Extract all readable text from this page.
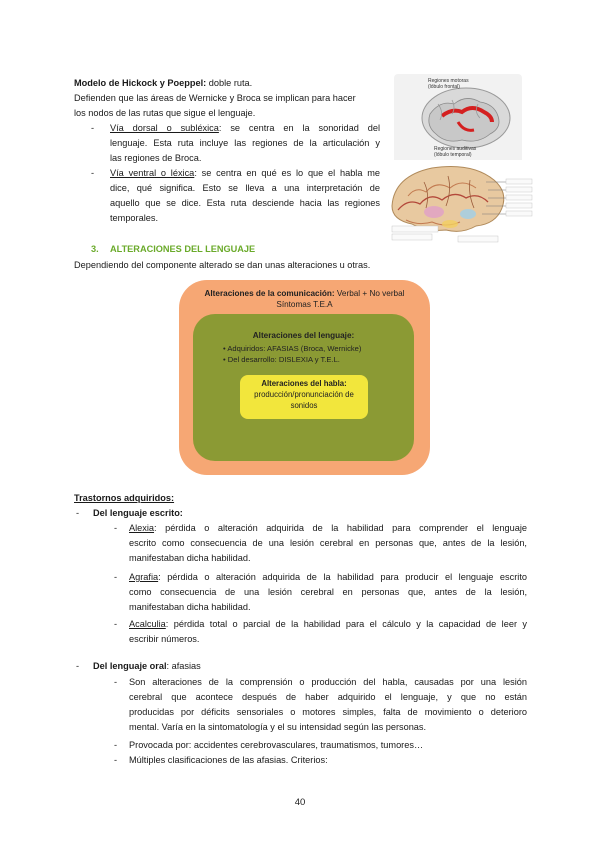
Modelo de Hickock y Poeppel: doble ruta.
Defienden que las áreas de Wernicke y Broca se implican para hacer
los nodos de las rutas que sigue el lenguaje.
- Vía dorsal o subléxica: se centra en la sonoridad del
lenguaje. Esta ruta incluye las regiones de la articulación y
las regiones de Broca.
- Vía ventral o léxica: se centra en qué es lo que el habla me
dice, qué significa. Esto se lleva a una interpretación de
aquello que se dice. Esta ruta desciende hacia las regiones
temporales.
Regiones motoras
(lóbulo frontal)
Regiones auditivas
(lóbulo temporal)
3. ALTERACIONES DEL LENGUAJE
Dependiendo del componente alterado se dan unas alteraciones u otras.
Alteraciones de la comunicación: Verbal + No verbal
Síntomas T.E.A
Alteraciones del lenguaje:
• Adquiridos: AFASIAS (Broca, Wernicke)
• Del desarrollo: DISLEXIA y T.E.L.
Alteraciones del habla:
producción/pronunciación de
sonidos
Trastornos adquiridos:
- Del lenguaje escrito:
- Alexia: pérdida o alteración adquirida de la habilidad para comprender el lenguaje
escrito como consecuencia de una lesión cerebral en personas que, antes de la lesión,
manifestaban dicha habilidad.
- Agrafia: pérdida o alteración adquirida de la habilidad para producir el lenguaje escrito
como consecuencia de una lesión cerebral en personas que, antes de la lesión,
manifestaban dicha habilidad.
- Acalculia: pérdida total o parcial de la habilidad para el cálculo y la capacidad de leer y
escribir números.
- Del lenguaje oral: afasias
- Son alteraciones de la comprensión o producción del habla, causadas por una lesión
cerebral que acontece después de haber adquirido el lenguaje, y que no están
producidas por déficits sensoriales o motores simples, falta de movimiento o deterioro
mental. Varía en la sintomatología y el su intensidad según las personas.
- Provocada por: accidentes cerebrovasculares, traumatismos, tumores…
- Múltiples clasificaciones de las afasias. Criterios:
40
